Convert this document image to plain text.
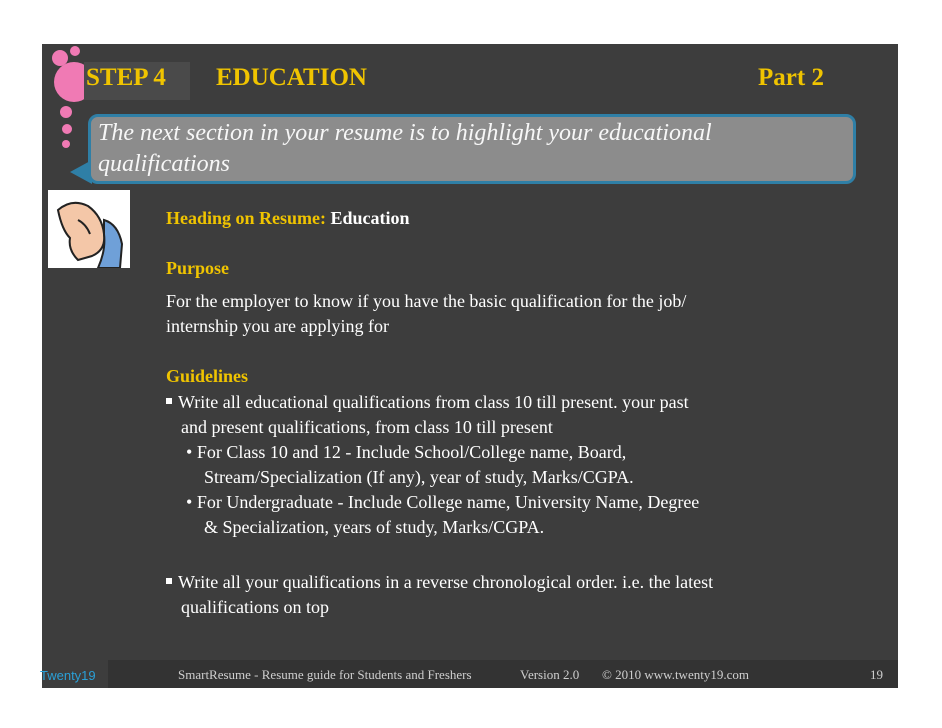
STEP 4 EDUCATION	Part 2
The next section in your resume is to highlight your educational
qualifications
Heading on Resume: Education
Purpose
For the employer to know if you have the basic qualification for the job/
internship you are applying for
Guidelines
Write all educational qualifications from class 10 till present. your past
and present qualifications, from class 10 till present
• For Class 10 and 12 - Include School/College name, Board,
Stream/Specialization (If any), year of study, Marks/CGPA.
• For Undergraduate - Include College name, University Name, Degree
& Specialization, years of study, Marks/CGPA.
Write all your qualifications in a reverse chronological order. i.e. the latest
qualifications on top
Twenty19	SmartResume - Resume guide for Students and Freshers	Version 2.0 © 2010 www.twenty19.com	19
